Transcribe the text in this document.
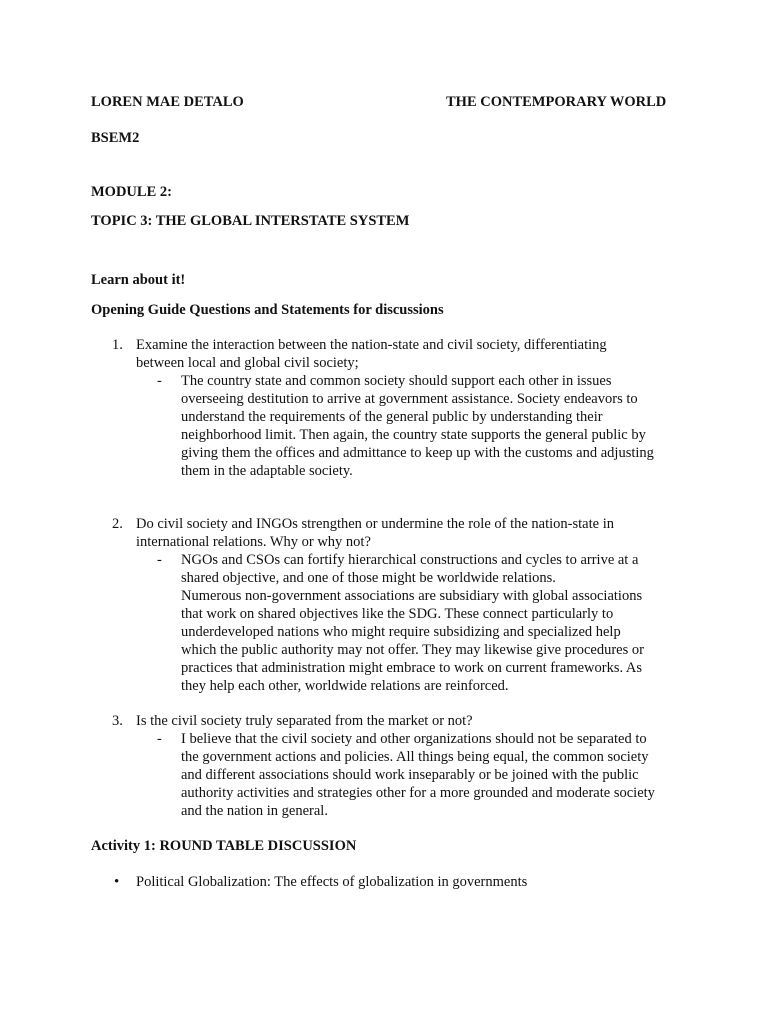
LOREN MAE DETALO	THE CONTEMPORARY WORLD
BSEM2
MODULE 2:
TOPIC 3: THE GLOBAL INTERSTATE SYSTEM
Learn about it!
Opening Guide Questions and Statements for discussions
1. Examine the interaction between the nation-state and civil society, differentiating
between local and global civil society;
- The country state and common society should support each other in issues
overseeing destitution to arrive at government assistance. Society endeavors to
understand the requirements of the general public by understanding their
neighborhood limit. Then again, the country state supports the general public by
giving them the offices and admittance to keep up with the customs and adjusting
them in the adaptable society.
2. Do civil society and INGOs strengthen or undermine the role of the nation-state in
international relations. Why or why not?
- NGOs and CSOs can fortify hierarchical constructions and cycles to arrive at a
shared objective, and one of those might be worldwide relations.
Numerous non-government associations are subsidiary with global associations
that work on shared objectives like the SDG. These connect particularly to
underdeveloped nations who might require subsidizing and specialized help
which the public authority may not offer. They may likewise give procedures or
practices that administration might embrace to work on current frameworks. As
they help each other, worldwide relations are reinforced.
3. Is the civil society truly separated from the market or not?
- I believe that the civil society and other organizations should not be separated to
the government actions and policies. All things being equal, the common society
and different associations should work inseparably or be joined with the public
authority activities and strategies other for a more grounded and moderate society
and the nation in general.
Activity 1: ROUND TABLE DISCUSSION
• Political Globalization: The effects of globalization in governments
